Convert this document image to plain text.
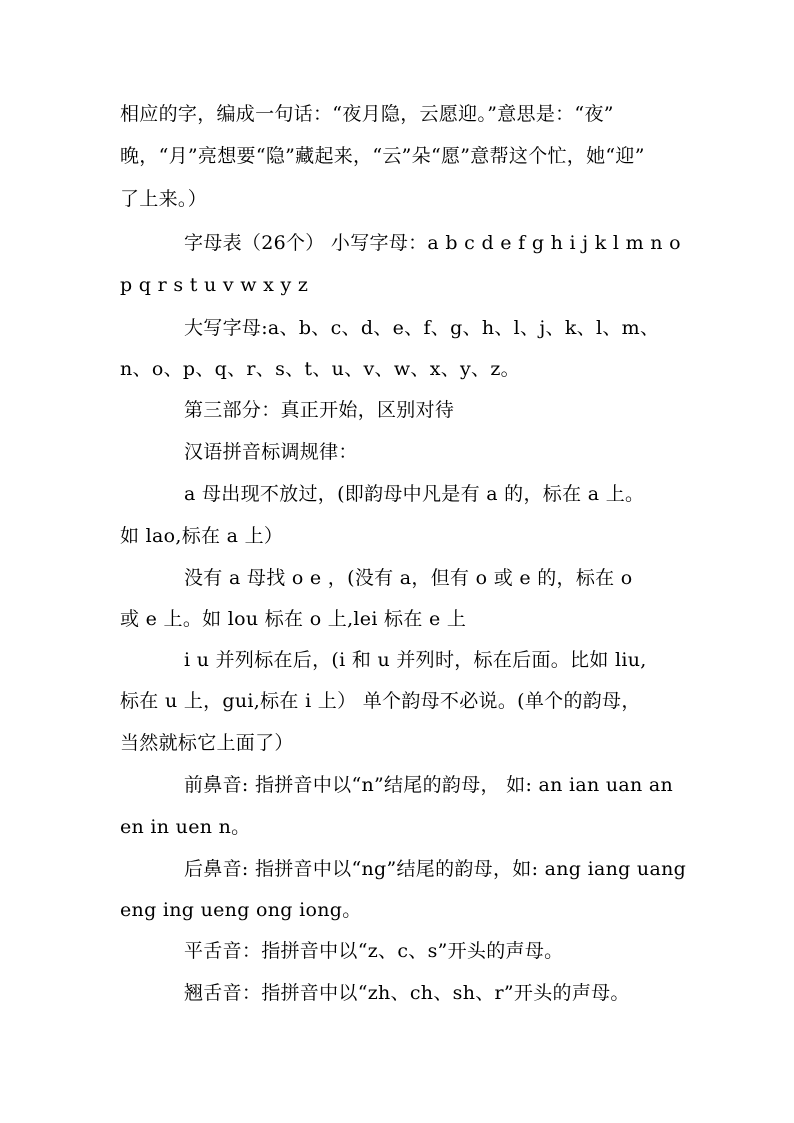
相应的字，编成一句话：“夜月隐，云愿迎。”意思是：“夜”
晚，“月”亮想要“隐”藏起来，“云”朵“愿”意帮这个忙，她“迎”
了上来。）
字母表（26个） 小写字母：a b c d e f g h i j k l m n o
p q r s t u v w x y z
大写字母:a、b、c、d、e、f、g、h、l、j、k、l、m、
n、o、p、q、r、s、t、u、v、w、x、y、z。
第三部分：真正开始，区别对待
汉语拼音标调规律：
a 母出现不放过，(即韵母中凡是有 a 的，标在 a 上。
如 lao,标在 a 上）
没有 a 母找 o e ，(没有 a，但有 o 或 e 的，标在 o
或 e 上。如 lou 标在 o 上,lei 标在 e 上
i u 并列标在后，(i 和 u 并列时，标在后面。比如 liu,
标在 u 上，gui,标在 i 上） 单个韵母不必说。(单个的韵母，
当然就标它上面了）
前鼻音: 指拼音中以“n”结尾的韵母， 如: an ian uan an
en in uen n。
后鼻音: 指拼音中以“ng”结尾的韵母，如: ang iang uang
eng ing ueng ong iong。
平舌音：指拼音中以“z、c、s”开头的声母。
翘舌音：指拼音中以“zh、ch、sh、r”开头的声母。
